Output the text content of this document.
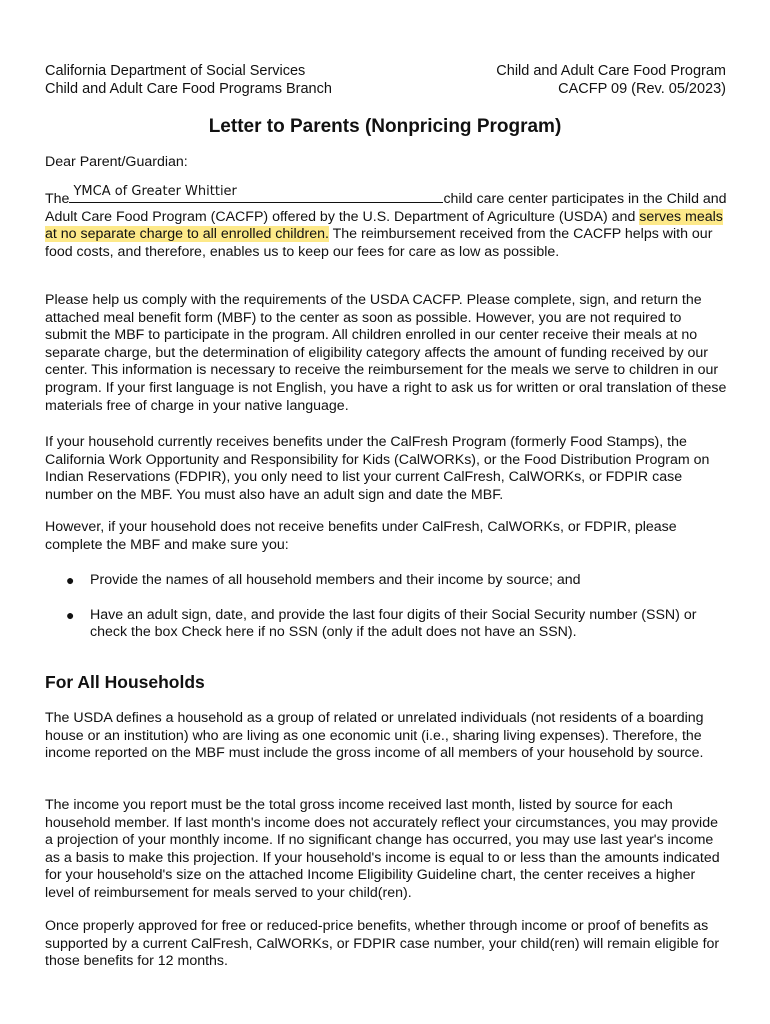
California Department of Social Services
Child and Adult Care Food Programs Branch
Child and Adult Care Food Program
CACFP 09 (Rev. 05/2023)
Letter to Parents (Nonpricing Program)

Dear Parent/Guardian:

The YMCA of Greater Whittier	child care center participates in the Child and Adult Care Food Program (CACFP) offered by the U.S. Department of Agriculture (USDA) and serves meals at no separate charge to all enrolled children. The reimbursement received from the CACFP helps with our food costs, and therefore, enables us to keep our fees for care as low as possible.

Please help us comply with the requirements of the USDA CACFP. Please complete, sign, and return the attached meal benefit form (MBF) to the center as soon as possible. However, you are not required to submit the MBF to participate in the program. All children enrolled in our center receive their meals at no separate charge, but the determination of eligibility category affects the amount of funding received by our center. This information is necessary to receive the reimbursement for the meals we serve to children in our program. If your first language is not English, you have a right to ask us for written or oral translation of these materials free of charge in your native language.

If your household currently receives benefits under the CalFresh Program (formerly Food Stamps), the California Work Opportunity and Responsibility for Kids (CalWORKs), or the Food Distribution Program on Indian Reservations (FDPIR), you only need to list your current CalFresh, CalWORKs, or FDPIR case number on the MBF. You must also have an adult sign and date the MBF.

However, if your household does not receive benefits under CalFresh, CalWORKs, or FDPIR, please complete the MBF and make sure you:

● Provide the names of all household members and their income by source; and
● Have an adult sign, date, and provide the last four digits of their Social Security number (SSN) or check the box Check here if no SSN (only if the adult does not have an SSN).
For All Households

The USDA defines a household as a group of related or unrelated individuals (not residents of a boarding house or an institution) who are living as one economic unit (i.e., sharing living expenses). Therefore, the income reported on the MBF must include the gross income of all members of your household by source.

The income you report must be the total gross income received last month, listed by source for each household member. If last month's income does not accurately reflect your circumstances, you may provide a projection of your monthly income. If no significant change has occurred, you may use last year's income as a basis to make this projection. If your household's income is equal to or less than the amounts indicated for your household's size on the attached Income Eligibility Guideline chart, the center receives a higher level of reimbursement for meals served to your child(ren).

Once properly approved for free or reduced-price benefits, whether through income or proof of benefits as supported by a current CalFresh, CalWORKs, or FDPIR case number, your child(ren) will remain eligible for those benefits for 12 months.
